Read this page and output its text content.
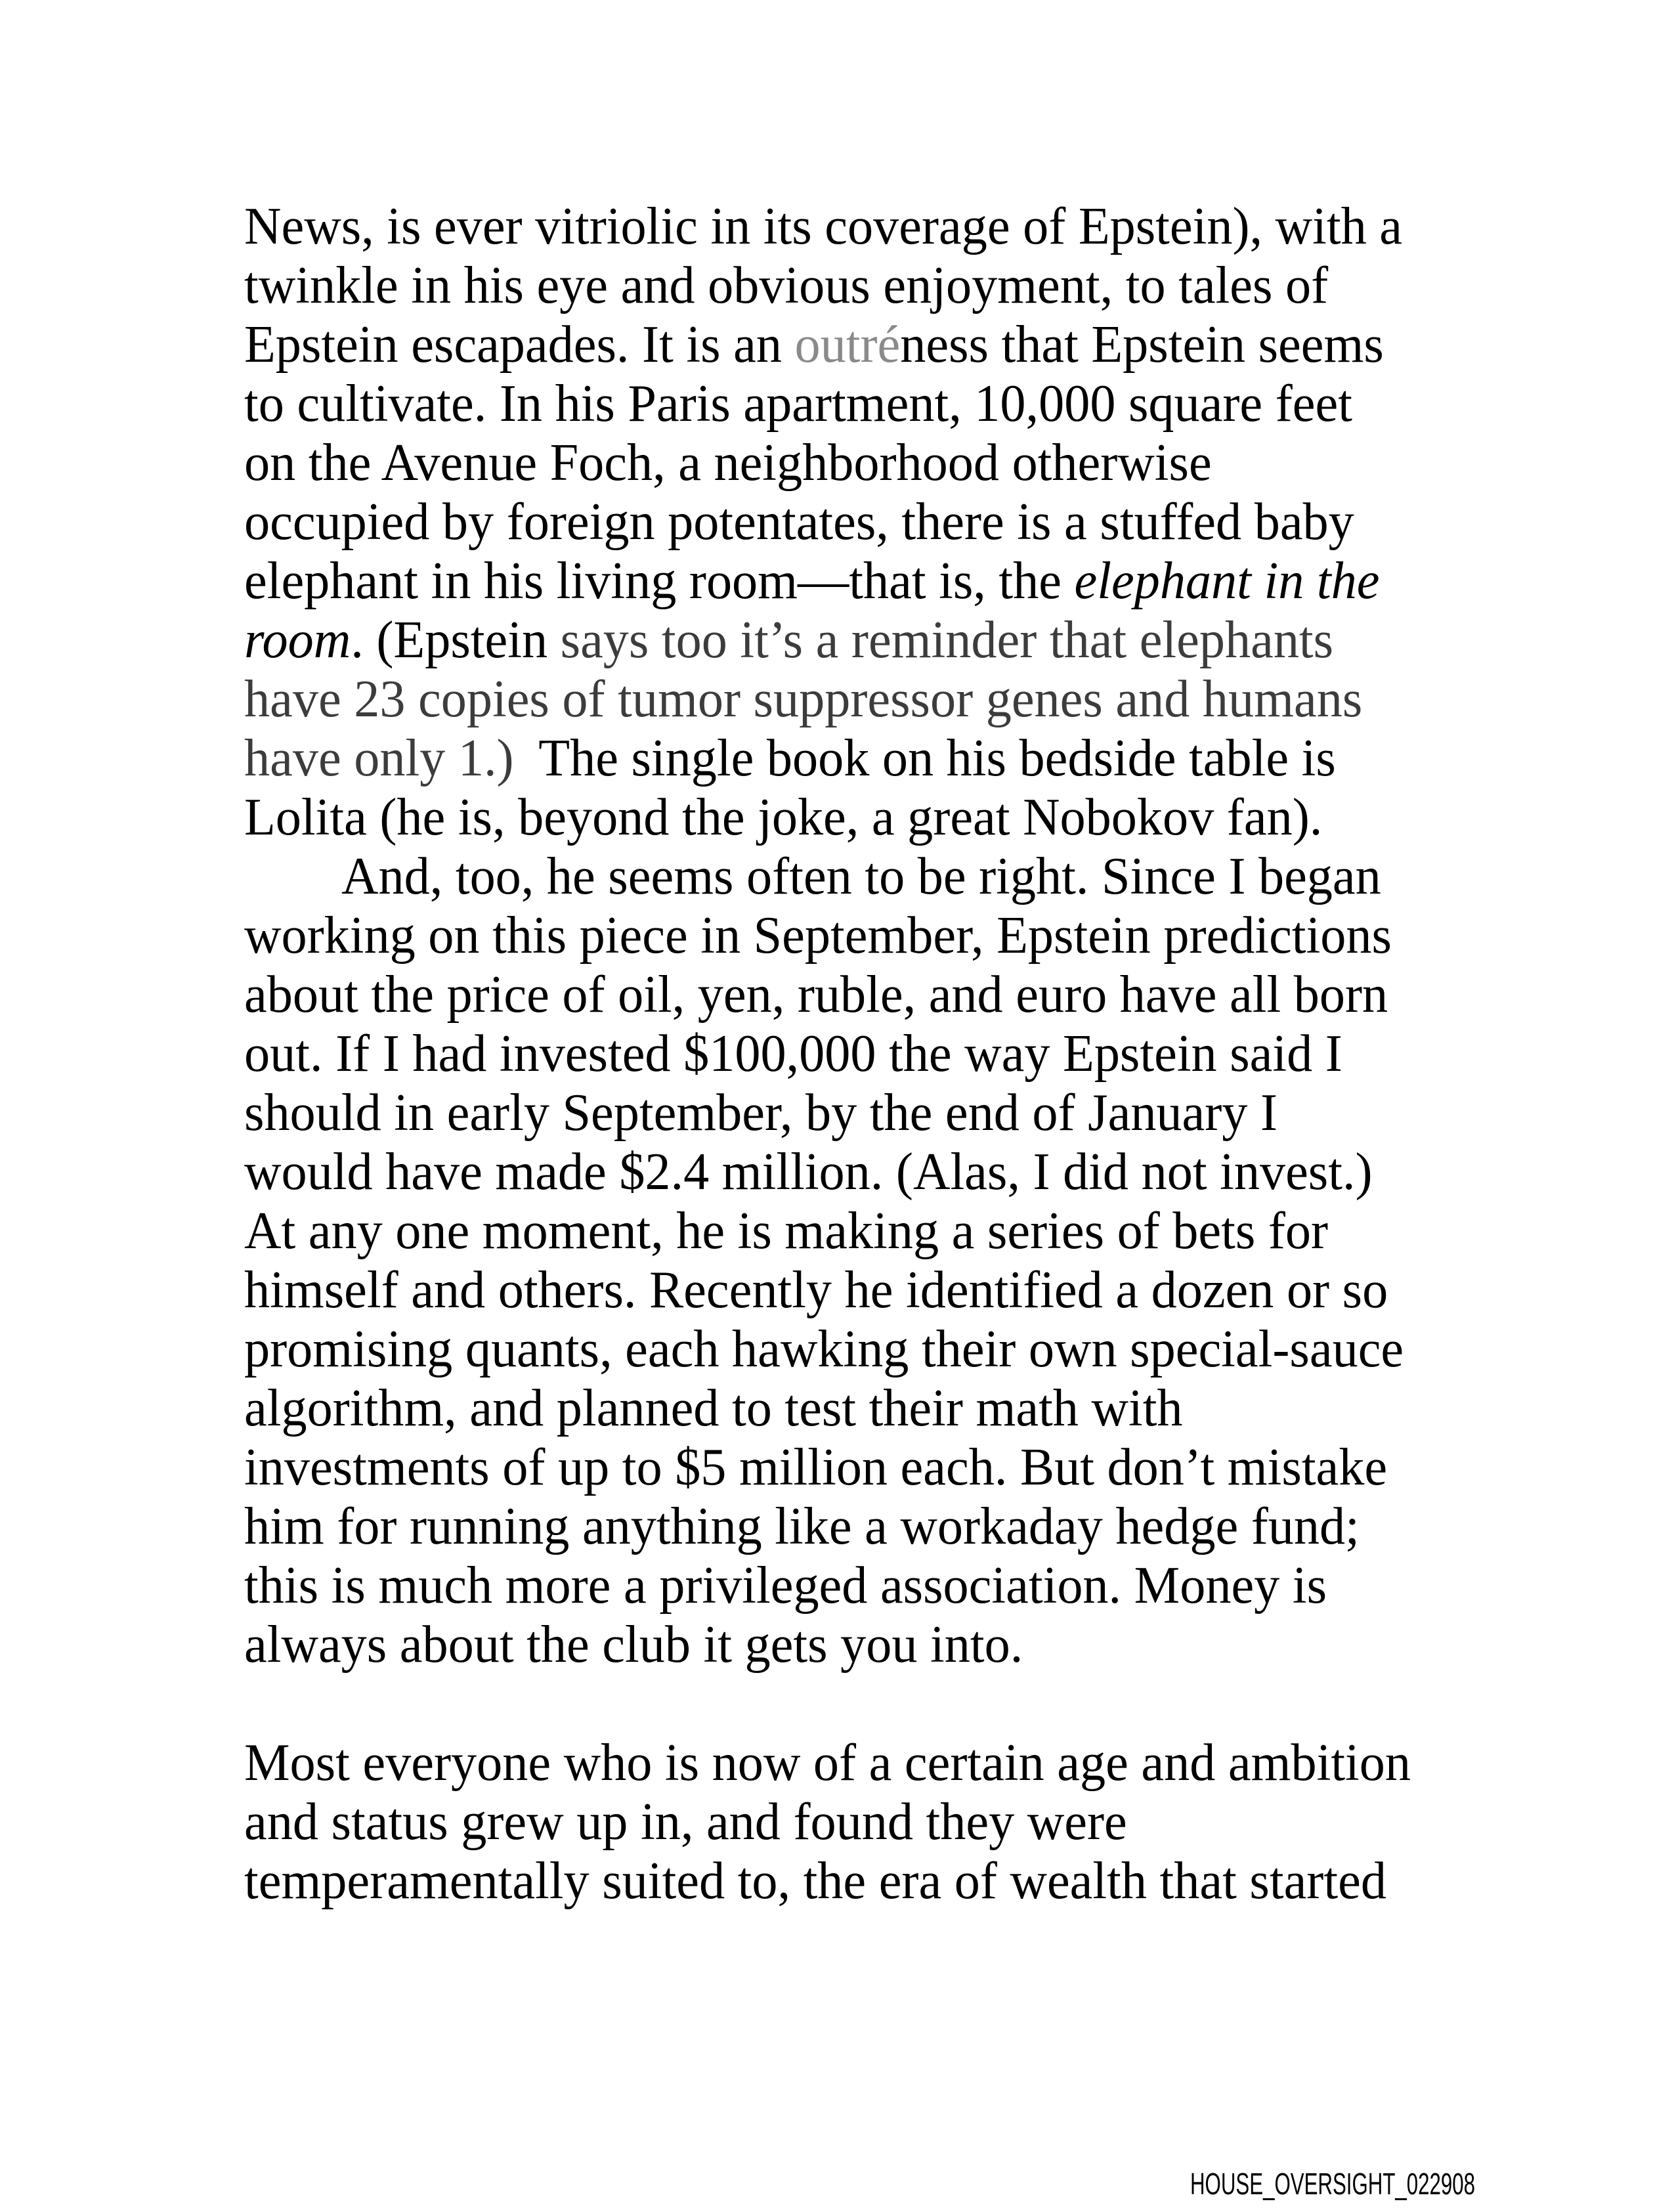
News, is ever vitriolic in its coverage of Epstein), with a
twinkle in his eye and obvious enjoyment, to tales of
Epstein escapades. It is an outréness that Epstein seems
to cultivate. In his Paris apartment, 10,000 square feet
on the Avenue Foch, a neighborhood otherwise
occupied by foreign potentates, there is a stuffed baby
elephant in his living room—that is, the elephant in the
room. (Epstein says too it’s a reminder that elephants
have 23 copies of tumor suppressor genes and humans
have only 1.)  The single book on his bedside table is
Lolita (he is, beyond the joke, a great Nobokov fan).
And, too, he seems often to be right. Since I began
working on this piece in September, Epstein predictions
about the price of oil, yen, ruble, and euro have all born
out. If I had invested $100,000 the way Epstein said I
should in early September, by the end of January I
would have made $2.4 million. (Alas, I did not invest.)
At any one moment, he is making a series of bets for
himself and others. Recently he identified a dozen or so
promising quants, each hawking their own special-sauce
algorithm, and planned to test their math with
investments of up to $5 million each. But don’t mistake
him for running anything like a workaday hedge fund;
this is much more a privileged association. Money is
always about the club it gets you into.
Most everyone who is now of a certain age and ambition
and status grew up in, and found they were
temperamentally suited to, the era of wealth that started
HOUSE_OVERSIGHT_022908
